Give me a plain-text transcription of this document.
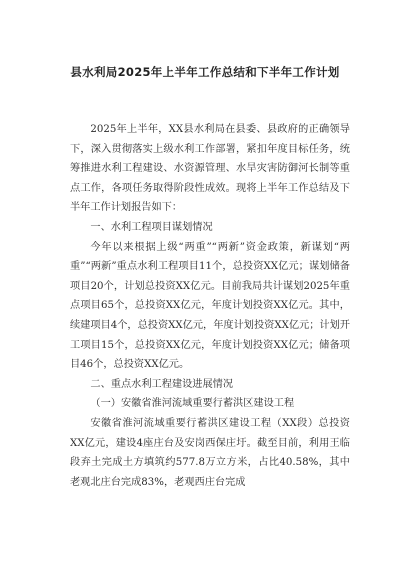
县水利局2025年上半年工作总结和下半年工作计划

2025年上半年，XX县水利局在县委、县政府的正确领导下，深入贯彻落实上级水利工作部署，紧扣年度目标任务，统筹推进水利工程建设、水资源管理、水旱灾害防御河长制等重点工作，各项任务取得阶段性成效。现将上半年工作总结及下半年工作计划报告如下：

一、水利工程项目谋划情况

今年以来根据上级“两重”“两新”资金政策，新谋划“两重”“两新”重点水利工程项目11个，总投资XX亿元；谋划储备项目20个，计划总投资XX亿元。目前我局共计谋划2025年重点项目65个，总投资XX亿元，年度计划投资XX亿元。其中，续建项目4个，总投资XX亿元，年度计划投资XX亿元；计划开工项目15个，总投资XX亿元，年度计划投资XX亿元；储备项目46个，总投资XX亿元。

二、重点水利工程建设进展情况

（一）安徽省淮河流域重要行蓄洪区建设工程

安徽省淮河流域重要行蓄洪区建设工程（XX段）总投资XX亿元，建设4座庄台及安岗西保庄圩。截至目前，利用王临段弃土完成土方填筑约577.8万立方米，占比40.58%，其中老观北庄台完成83%，老观西庄台完成
